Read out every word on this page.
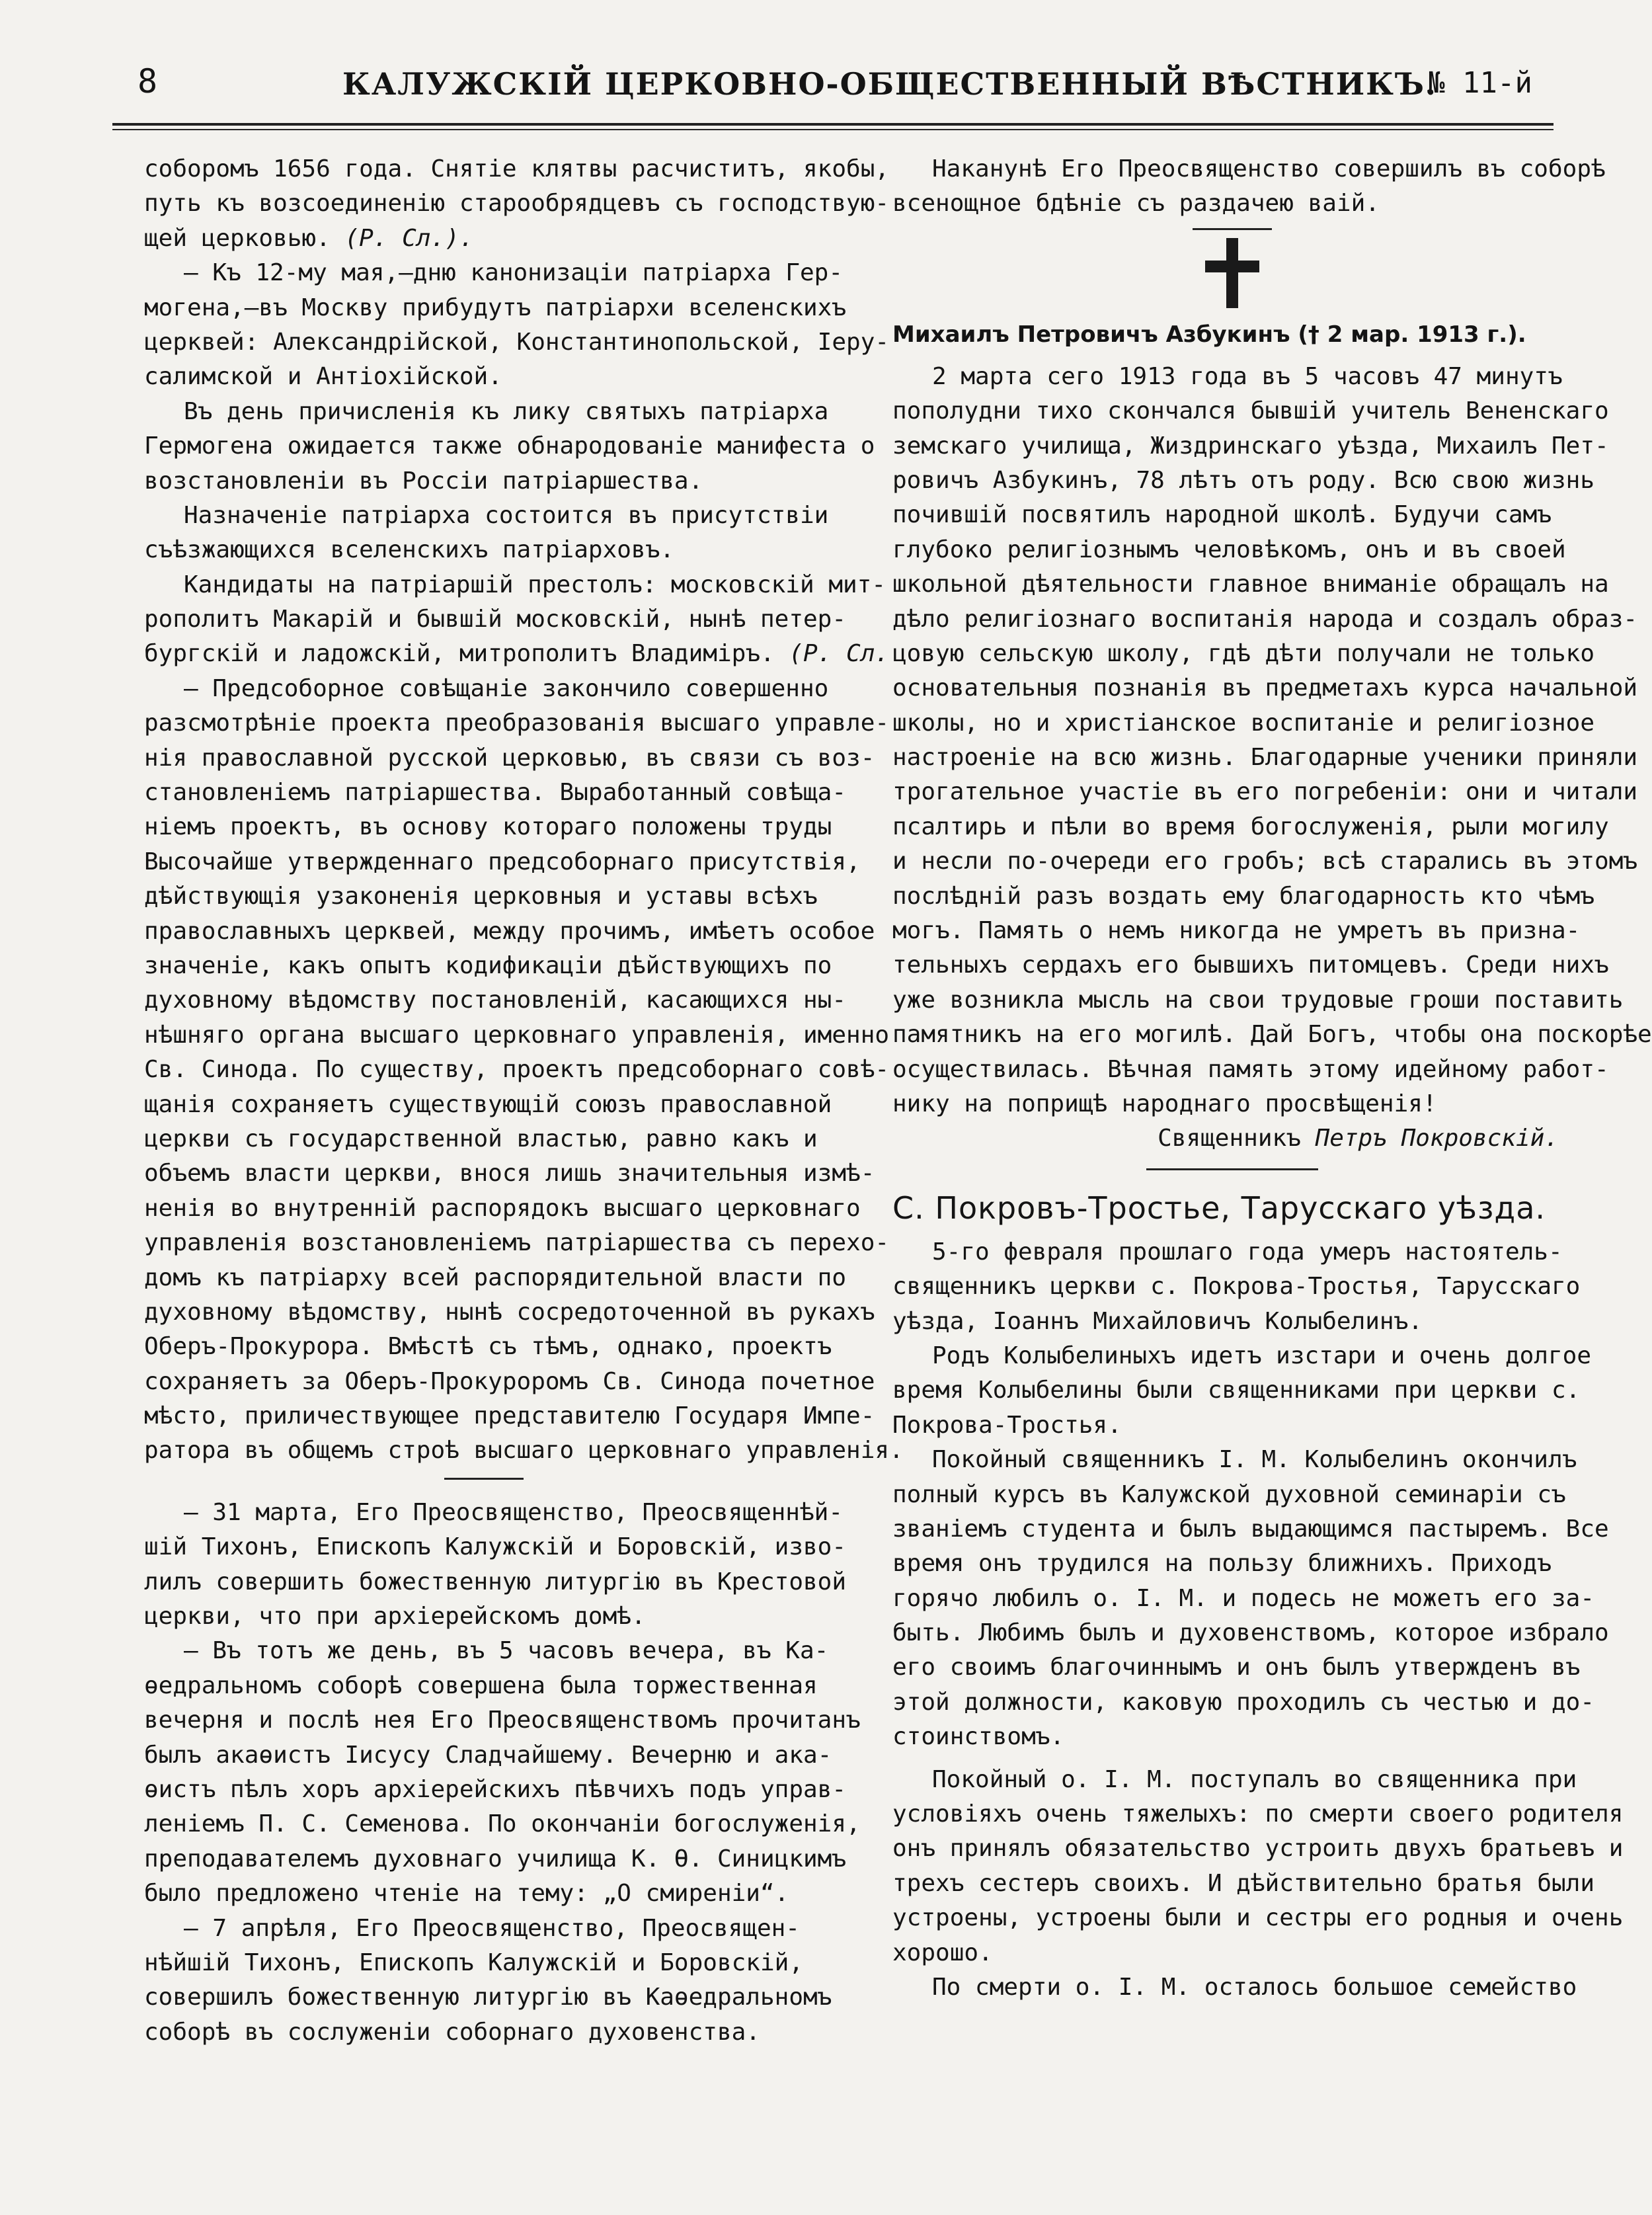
8	КАЛУЖСКІЙ ЦЕРКОВНО-ОБЩЕСТВЕННЫЙ ВѢСТНИКЪ.
№ 11-й
соборомъ 1656 года. Снятіе клятвы расчиститъ, якобы,
путь къ возсоединенію старообрядцевъ съ господствую-
щей церковью. (Р. Сл.).
— Къ 12-му мая,—дню канонизаціи патріарха Гер-
могена,—въ Москву прибудутъ патріархи вселенскихъ
церквей: Александрійской, Константинопольской, Іеру-
салимской и Антіохійской.
Въ день причисленія къ лику святыхъ патріарха
Гермогена ожидается также обнародованіе манифеста о
возстановленіи въ Россіи патріаршества.
Назначеніе патріарха состоится въ присутствіи
съѣзжающихся вселенскихъ патріарховъ.
Кандидаты на патріаршій престолъ: московскій мит-
рополитъ Макарій и бывшій московскій, нынѣ петер-
бургскій и ладожскій, митрополитъ Владиміръ. (Р. Сл.
— Предсоборное совѣщаніе закончило совершенно
разсмотрѣніе проекта преобразованія высшаго управле-
нія православной русской церковью, въ связи съ воз-
становленіемъ патріаршества. Выработанный совѣща-
ніемъ проектъ, въ основу котораго положены труды
Высочайше утвержденнаго предсоборнаго присутствія,
дѣйствующія узаконенія церковныя и уставы всѣхъ
православныхъ церквей, между прочимъ, имѣетъ особое
значеніе, какъ опытъ кодификаціи дѣйствующихъ по
духовному вѣдомству постановленій, касающихся ны-
нѣшняго органа высшаго церковнаго управленія, именно
Св. Синода. По существу, проектъ предсоборнаго совѣ-
щанія сохраняетъ существующій союзъ православной
церкви съ государственной властью, равно какъ и
объемъ власти церкви, внося лишь значительныя измѣ-
ненія во внутренній распорядокъ высшаго церковнаго
управленія возстановленіемъ патріаршества съ перехо-
домъ къ патріарху всей распорядительной власти по
духовному вѣдомству, нынѣ сосредоточенной въ рукахъ
Оберъ-Прокурора. Вмѣстѣ съ тѣмъ, однако, проектъ
сохраняетъ за Оберъ-Прокуроромъ Св. Синода почетное
мѣсто, приличествующее представителю Государя Импе-
ратора въ общемъ строѣ высшаго церковнаго управленія.
— 31 марта, Его Преосвященство, Преосвященнѣй-
шій Тихонъ, Епископъ Калужскій и Боровскій, изво-
лилъ совершить божественную литургію въ Крестовой
церкви, что при архіерейскомъ домѣ.
— Въ тотъ же день, въ 5 часовъ вечера, въ Ка-
ѳедральномъ соборѣ совершена была торжественная
вечерня и послѣ нея Его Преосвященствомъ прочитанъ
былъ акаѳистъ Іисусу Сладчайшему. Вечерню и ака-
ѳистъ пѣлъ хоръ архіерейскихъ пѣвчихъ подъ управ-
леніемъ П. С. Семенова. По окончаніи богослуженія,
преподавателемъ духовнаго училища К. Ѳ. Синицкимъ
было предложено чтеніе на тему: „О смиреніи“.
— 7 апрѣля, Его Преосвященство, Преосвящен-
нѣйшій Тихонъ, Епископъ Калужскій и Боровскій,
совершилъ божественную литургію въ Каѳедральномъ
соборѣ въ сослуженіи соборнаго духовенства.
Наканунѣ Его Преосвященство совершилъ въ соборѣ
всенощное бдѣніе съ раздачею ваій.
Михаилъ Петровичъ Азбукинъ († 2 мар. 1913 г.).
2 марта сего 1913 года въ 5 часовъ 47 минутъ
пополудни тихо скончался бывшій учитель Вененскаго
земскаго училища, Жиздринскаго уѣзда, Михаилъ Пет-
ровичъ Азбукинъ, 78 лѣтъ отъ роду. Всю свою жизнь
почившій посвятилъ народной школѣ. Будучи самъ
глубоко религіознымъ человѣкомъ, онъ и въ своей
школьной дѣятельности главное вниманіе обращалъ на
дѣло религіознаго воспитанія народа и создалъ образ-
цовую сельскую школу, гдѣ дѣти получали не только
основательныя познанія въ предметахъ курса начальной
школы, но и христіанское воспитаніе и религіозное
настроеніе на всю жизнь. Благодарные ученики приняли
трогательное участіе въ его погребеніи: они и читали
псалтирь и пѣли во время богослуженія, рыли могилу
и несли по-очереди его гробъ; всѣ старались въ этомъ
послѣдній разъ воздать ему благодарность кто чѣмъ
могъ. Память о немъ никогда не умретъ въ призна-
тельныхъ сердахъ его бывшихъ питомцевъ. Среди нихъ
уже возникла мысль на свои трудовые гроши поставить
памятникъ на его могилѣ. Дай Богъ, чтобы она поскорѣе
осуществилась. Вѣчная память этому идейному работ-
нику на поприщѣ народнаго просвѣщенія!
Священникъ Петръ Покровскій.
С. Покровъ-Тростье, Тарусскаго уѣзда.
5-го февраля прошлаго года умеръ настоятель-
священникъ церкви с. Покрова-Тростья, Тарусскаго
уѣзда, Іоаннъ Михайловичъ Колыбелинъ.
Родъ Колыбелиныхъ идетъ изстари и очень долгое
время Колыбелины были священниками при церкви с.
Покрова-Тростья.
Покойный священникъ І. М. Колыбелинъ окончилъ
полный курсъ въ Калужской духовной семинаріи съ
званіемъ студента и былъ выдающимся пастыремъ. Все
время онъ трудился на пользу ближнихъ. Приходъ
горячо любилъ о. І. М. и подесь не можетъ его за-
быть. Любимъ былъ и духовенствомъ, которое избрало
его своимъ благочиннымъ и онъ былъ утвержденъ въ
этой должности, каковую проходилъ съ честью и до-
стоинствомъ.
Покойный о. І. М. поступалъ во священника при
условіяхъ очень тяжелыхъ: по смерти своего родителя
онъ принялъ обязательство устроить двухъ братьевъ и
трехъ сестеръ своихъ. И дѣйствительно братья были
устроены, устроены были и сестры его родныя и очень
хорошо.
По смерти о. І. М. осталось большое семейство
